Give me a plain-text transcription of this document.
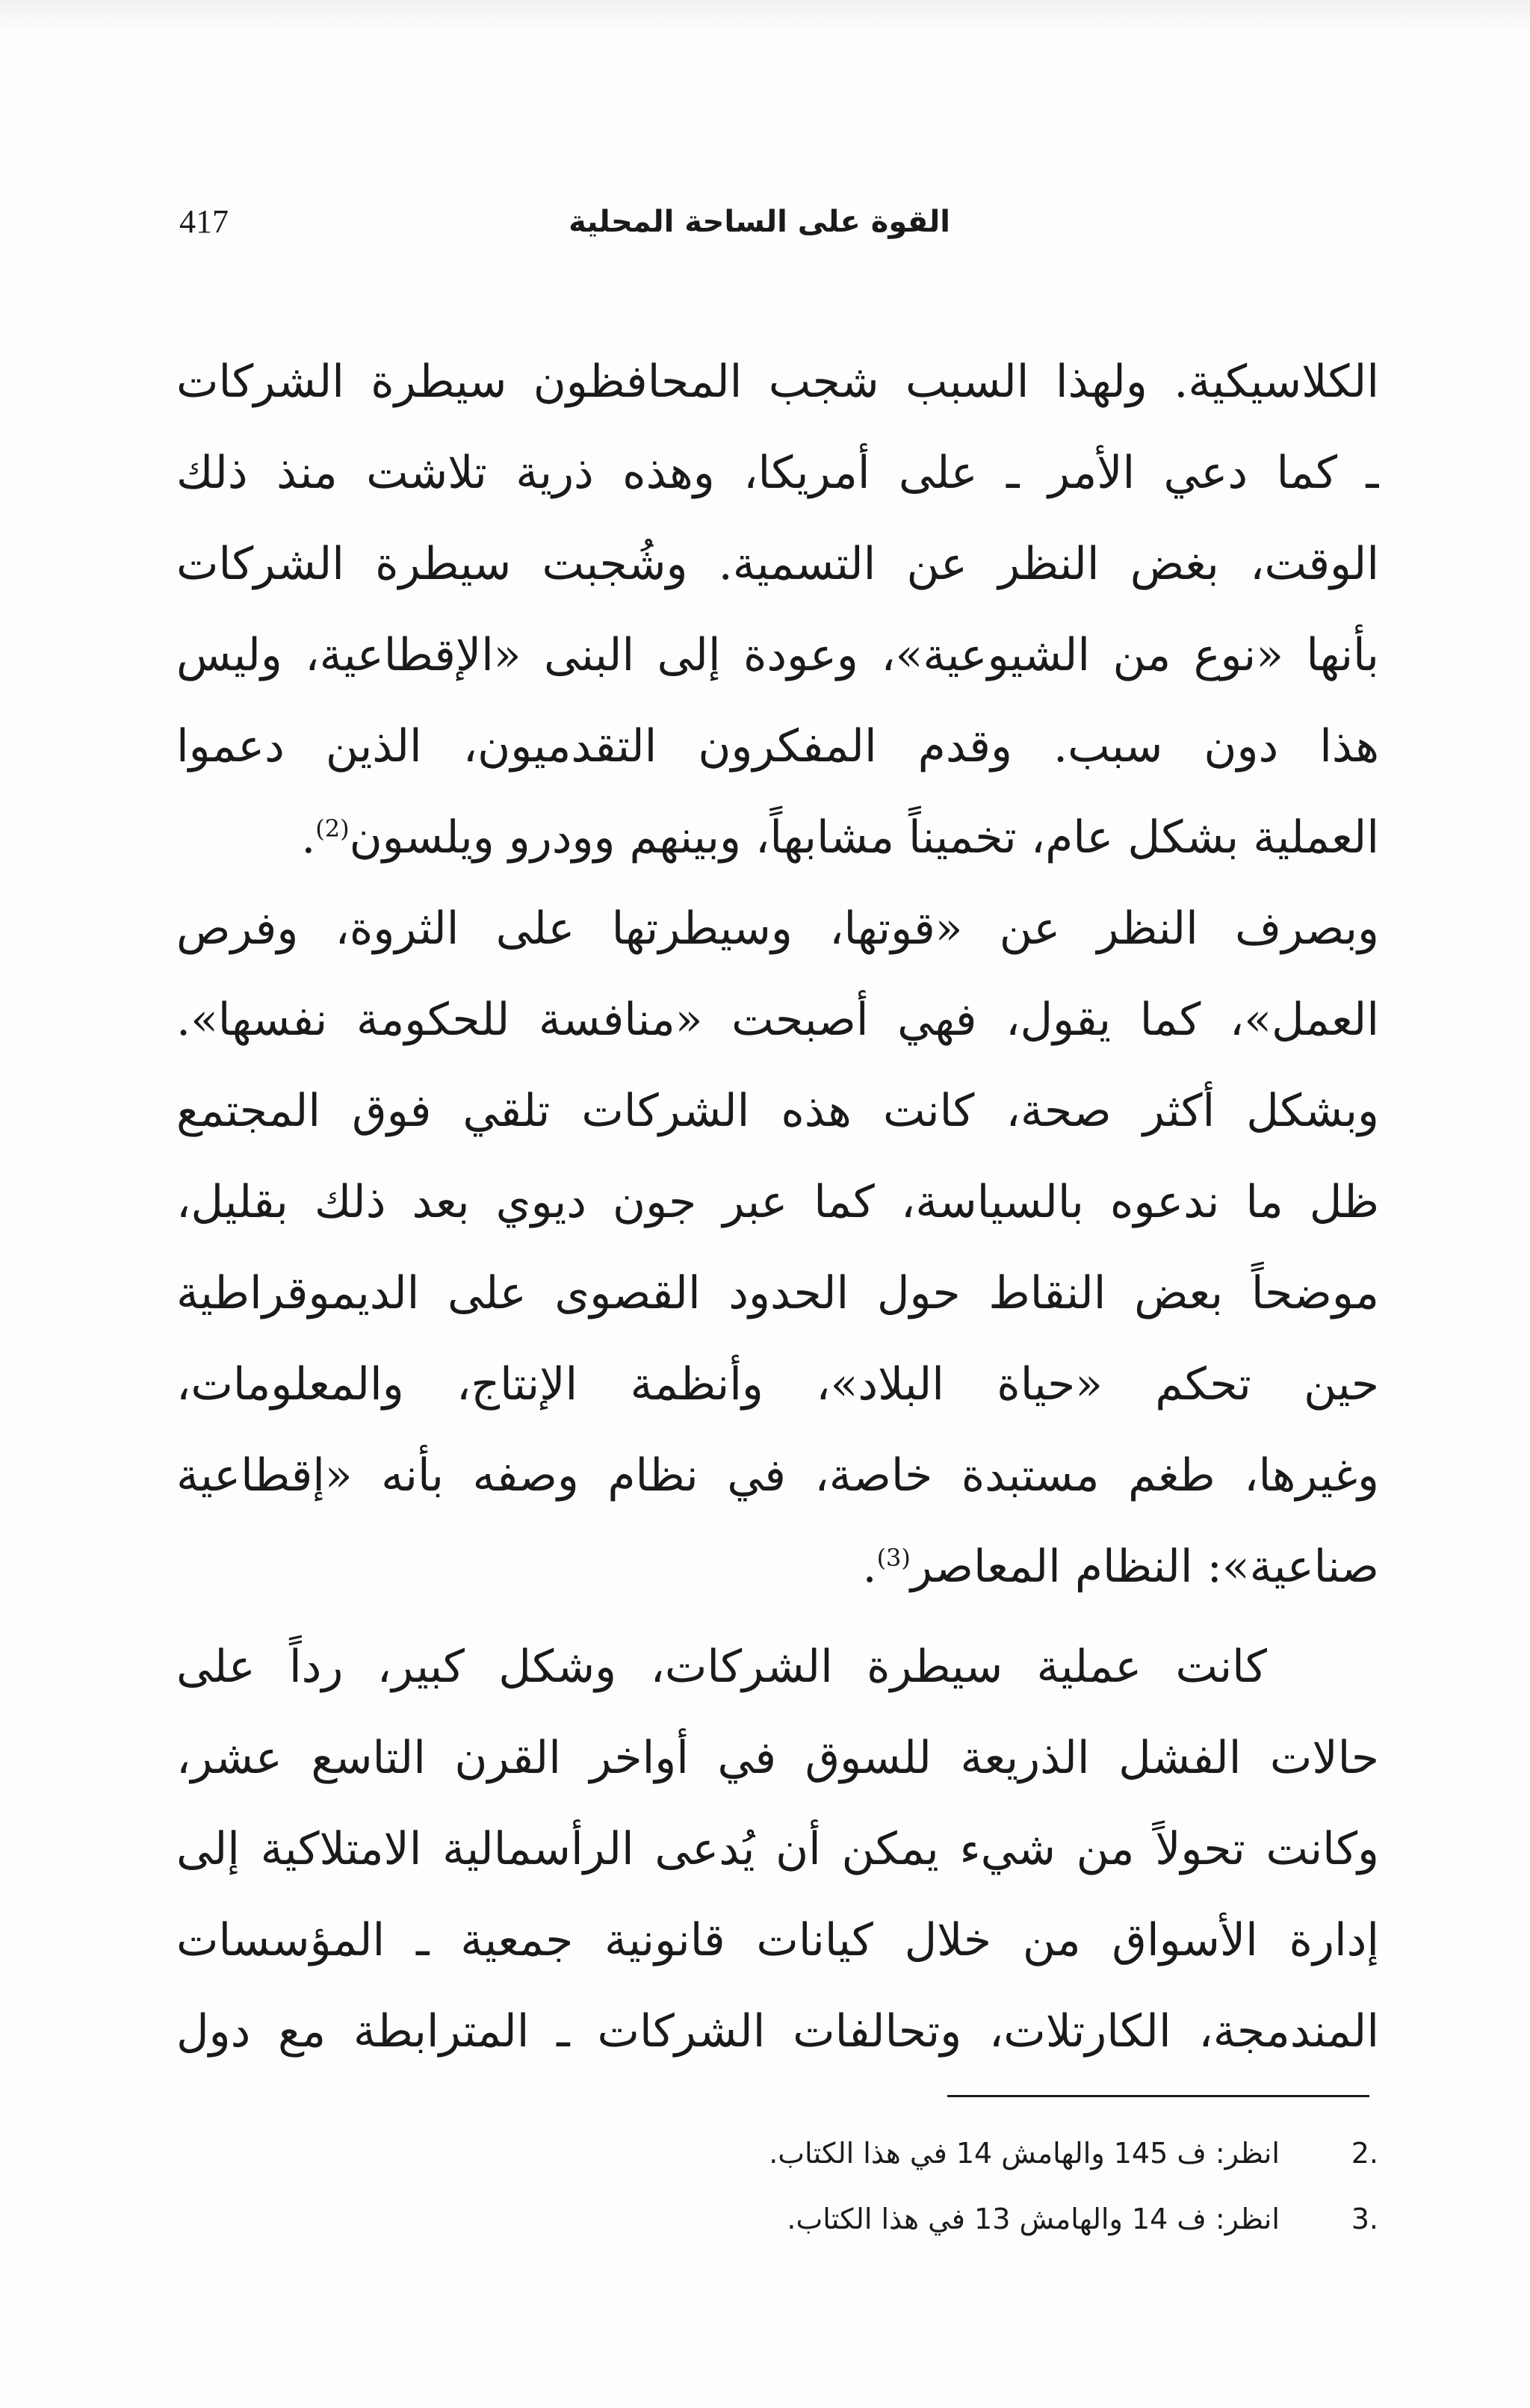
417	القوة على الساحة المحلية
الكلاسيكية. ولهذا السبب شجب المحافظون سيطرة الشركات
ـ كما دعي الأمر ـ على أمريكا، وهذه ذرية تلاشت منذ ذلك
الوقت، بغض النظر عن التسمية. وشُجبت سيطرة الشركات
بأنها «نوع من الشيوعية»، وعودة إلى البنى «الإقطاعية، وليس
هذا دون سبب. وقدم المفكرون التقدميون، الذين دعموا
العملية بشكل عام، تخميناً مشابهاً، وبينهم وودرو ويلسون$^{(2)}$.
وبصرف النظر عن «قوتها، وسيطرتها على الثروة، وفرص
العمل»، كما يقول، فهي أصبحت «منافسة للحكومة نفسها».
وبشكل أكثر صحة، كانت هذه الشركات تلقي فوق المجتمع
ظل ما ندعوه بالسياسة، كما عبر جون ديوي بعد ذلك بقليل،
موضحاً بعض النقاط حول الحدود القصوى على الديموقراطية
حين تحكم «حياة البلاد»، وأنظمة الإنتاج، والمعلومات،
وغيرها، طغم مستبدة خاصة، في نظام وصفه بأنه «إقطاعية
صناعية»: النظام المعاصر$^{(3)}$.
كانت عملية سيطرة الشركات، وشكل كبير، رداً على
حالات الفشل الذريعة للسوق في أواخر القرن التاسع عشر،
وكانت تحولاً من شيء يمكن أن يُدعى الرأسمالية الامتلاكية إلى
إدارة الأسواق من خلال كيانات قانونية جمعية ـ المؤسسات
المندمجة، الكارتلات، وتحالفات الشركات ـ المترابطة مع دول
.2 انظر: ف 145 والهامش 14 في هذا الكتاب.
.3 انظر: ف 14 والهامش 13 في هذا الكتاب.
